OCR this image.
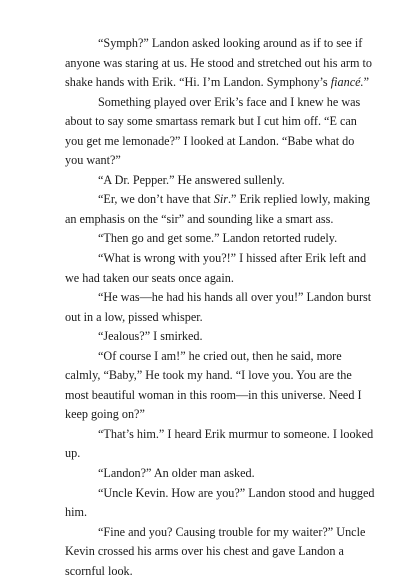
“Symph?” Landon asked looking around as if to see if anyone was staring at us. He stood and stretched out his arm to shake hands with Erik. “Hi. I’m Landon. Symphony’s fiancé.”

Something played over Erik’s face and I knew he was about to say some smartass remark but I cut him off. “E can you get me lemonade?” I looked at Landon. “Babe what do you want?”

“A Dr. Pepper.” He answered sullenly.

“Er, we don’t have that Sir.” Erik replied lowly, making an emphasis on the “sir” and sounding like a smart ass.

“Then go and get some.” Landon retorted rudely.

“What is wrong with you?!” I hissed after Erik left and we had taken our seats once again.

“He was—he had his hands all over you!” Landon burst out in a low, pissed whisper.

“Jealous?” I smirked.

“Of course I am!” he cried out, then he said, more calmly, “Baby,” He took my hand. “I love you. You are the most beautiful woman in this room—in this universe. Need I keep going on?”

“That’s him.” I heard Erik murmur to someone. I looked up.

“Landon?” An older man asked.

“Uncle Kevin. How are you?” Landon stood and hugged him.

“Fine and you? Causing trouble for my waiter?” Uncle Kevin crossed his arms over his chest and gave Landon a scornful look.
